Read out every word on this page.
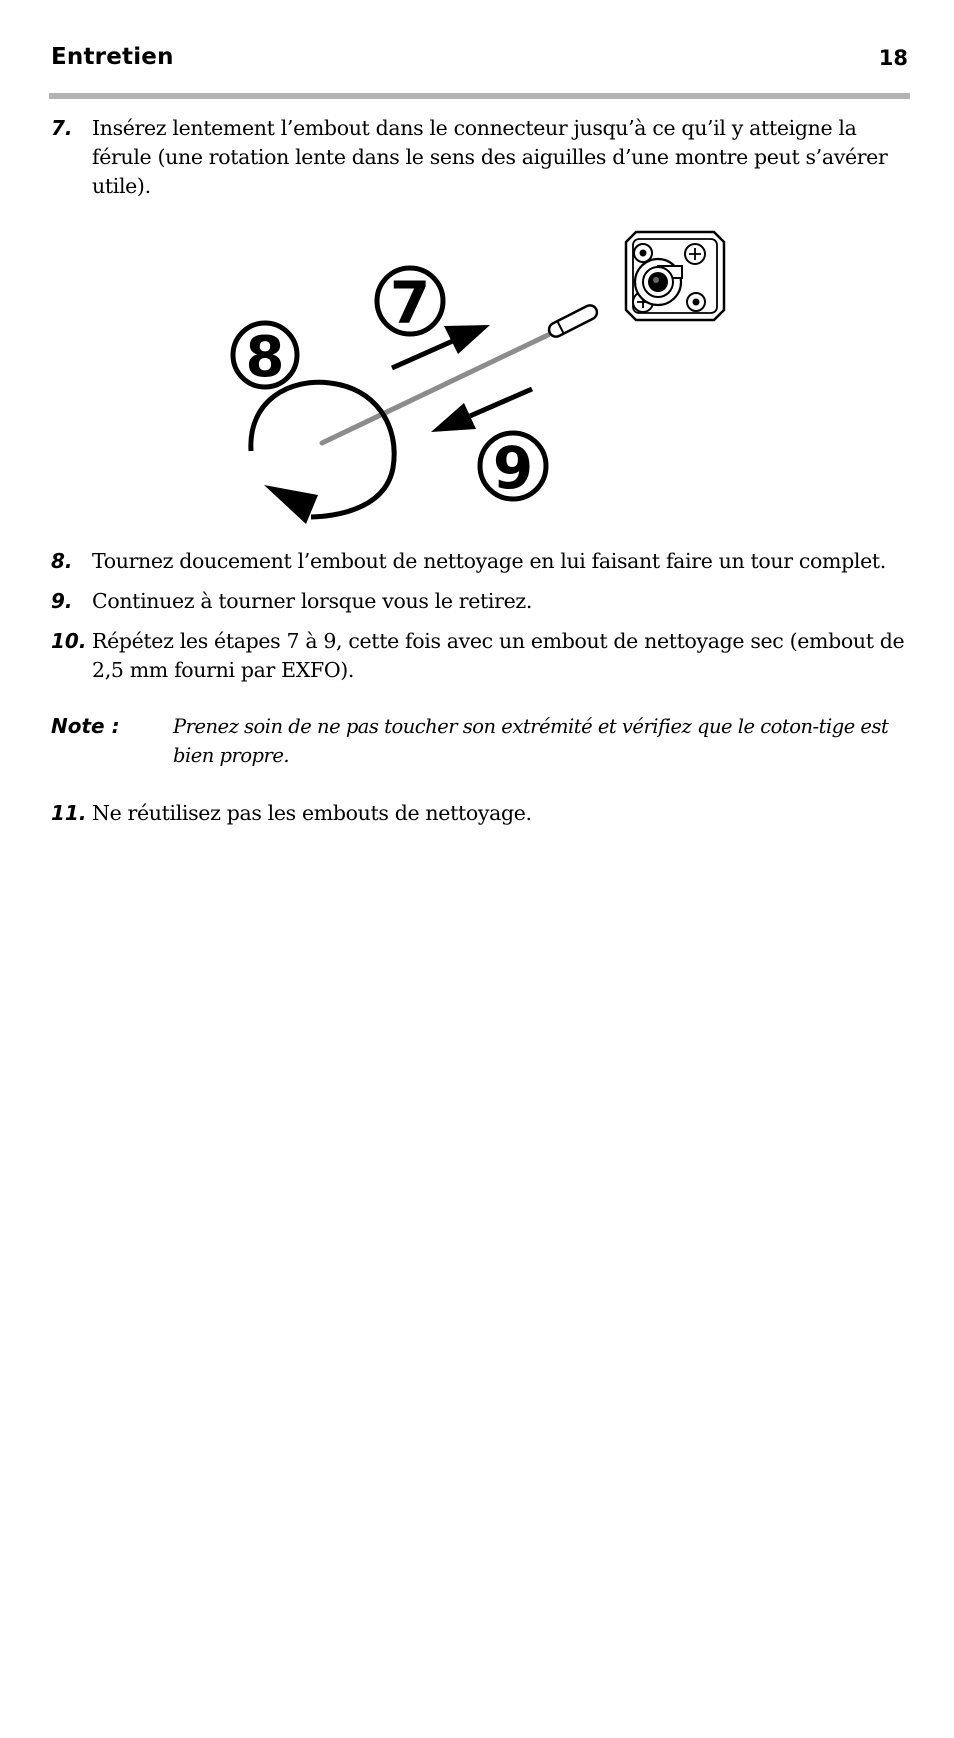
Entretien	18
7. Insérez lentement l’embout dans le connecteur jusqu’à ce qu’il y atteigne la férule (une rotation lente dans le sens des aiguilles d’une montre peut s’avérer utile).
7
8
9
8. Tournez doucement l’embout de nettoyage en lui faisant faire un tour complet.
9. Continuez à tourner lorsque vous le retirez.
10. Répétez les étapes 7 à 9, cette fois avec un embout de nettoyage sec (embout de 2,5 mm fourni par EXFO).
Note :	Prenez soin de ne pas toucher son extrémité et vérifiez que le coton-tige est bien propre.
11. Ne réutilisez pas les embouts de nettoyage.
